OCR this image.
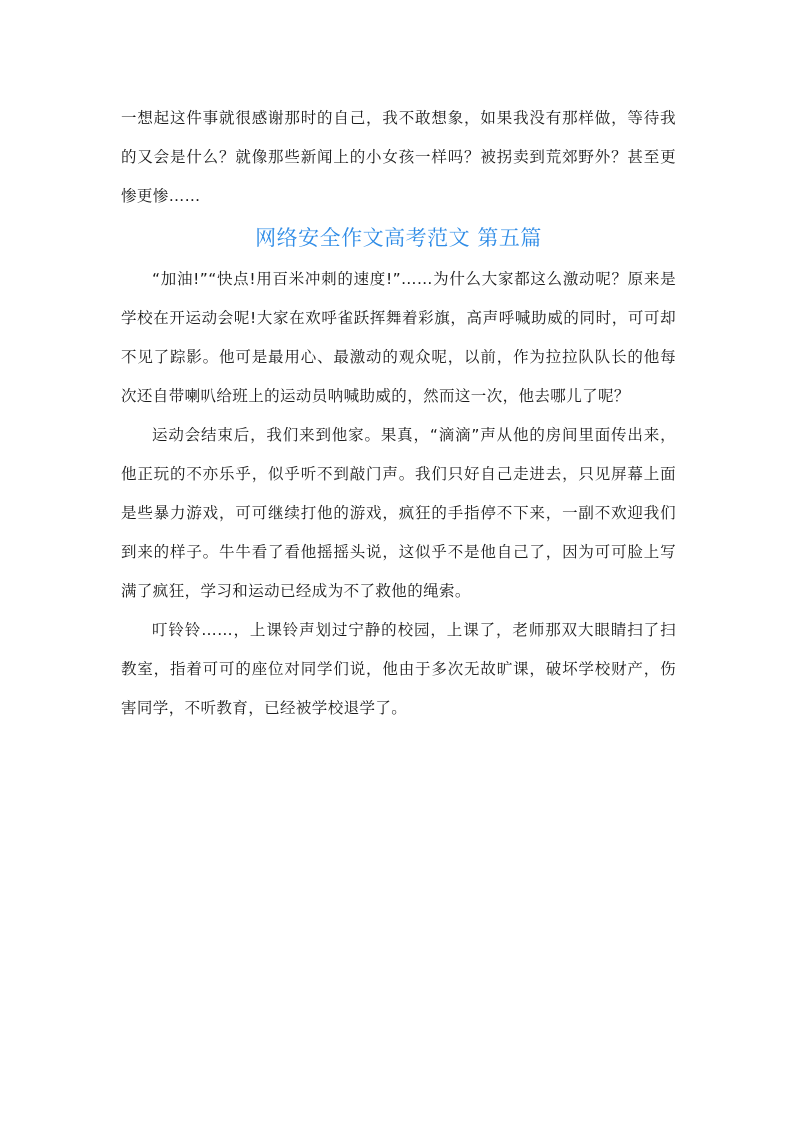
一想起这件事就很感谢那时的自己，我不敢想象，如果我没有那样做，等待我的又会是什么？就像那些新闻上的小女孩一样吗？被拐卖到荒郊野外？甚至更惨更惨……

网络安全作文高考范文 第五篇

“加油!”“快点!用百米冲刺的速度!”……为什么大家都这么激动呢？原来是学校在开运动会呢!大家在欢呼雀跃挥舞着彩旗，高声呼喊助威的同时，可可却不见了踪影。他可是最用心、最激动的观众呢，以前，作为拉拉队队长的他每次还自带喇叭给班上的运动员呐喊助威的，然而这一次，他去哪儿了呢？

运动会结束后，我们来到他家。果真，“滴滴”声从他的房间里面传出来，他正玩的不亦乐乎，似乎听不到敲门声。我们只好自己走进去，只见屏幕上面是些暴力游戏，可可继续打他的游戏，疯狂的手指停不下来，一副不欢迎我们到来的样子。牛牛看了看他摇摇头说，这似乎不是他自己了，因为可可脸上写满了疯狂，学习和运动已经成为不了救他的绳索。

叮铃铃……，上课铃声划过宁静的校园，上课了，老师那双大眼睛扫了扫教室，指着可可的座位对同学们说，他由于多次无故旷课，破坏学校财产，伤害同学，不听教育，已经被学校退学了。
